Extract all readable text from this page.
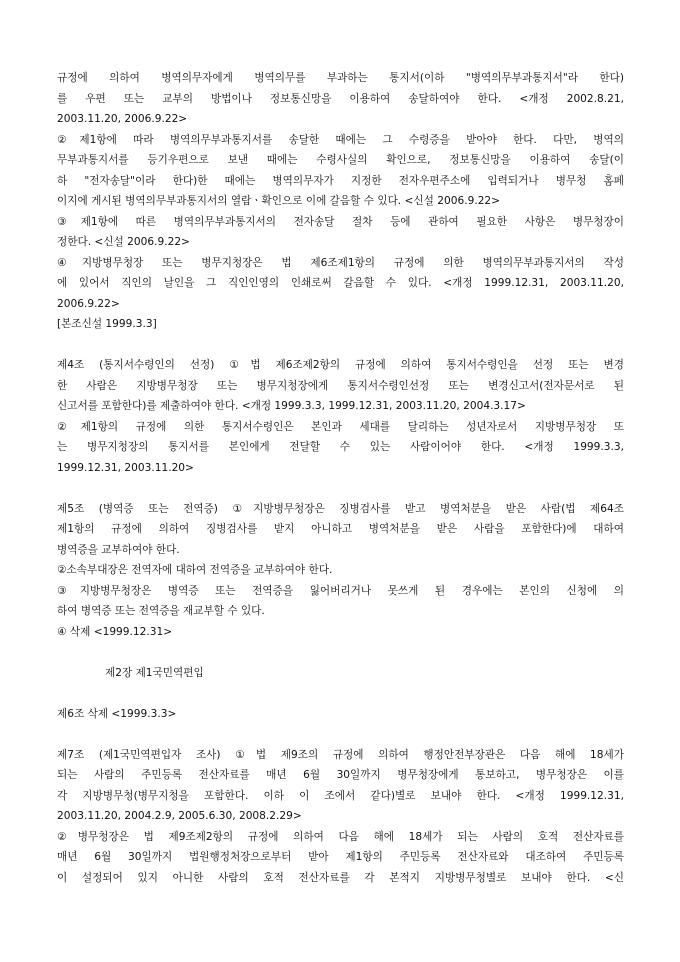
규정에 의하여 병역의무자에게 병역의무를 부과하는 통지서(이하 "병역의무부과통지서"라 한다)
를 우편 또는 교부의 방법이나 정보통신망을 이용하여 송달하여야 한다. <개정 2002.8.21,
2003.11.20, 2006.9.22>
②제1항에 따라 병역의무부과통지서를 송달한 때에는 그 수령증을 받아야 한다. 다만, 병역의
무부과통지서를 등기우편으로 보낸 때에는 수령사실의 확인으로, 정보통신망을 이용하여 송달(이
하 "전자송달"이라 한다)한 때에는 병역의무자가 지정한 전자우편주소에 입력되거나 병무청 홈페
이지에 게시된 병역의무부과통지서의 열람ㆍ확인으로 이에 갈음할 수 있다. <신설 2006.9.22>
③제1항에 따른 병역의무부과통지서의 전자송달 절차 등에 관하여 필요한 사항은 병무청장이
정한다. <신설 2006.9.22>
④지방병무청장 또는 병무지청장은 법 제6조제1항의 규정에 의한 병역의무부과통지서의 작성
에 있어서 직인의 날인을 그 직인인영의 인쇄로써 갈음할 수 있다. <개정 1999.12.31, 2003.11.20,
2006.9.22>
[본조신설 1999.3.3]
제4조 (통지서수령인의 선정) ①법 제6조제2항의 규정에 의하여 통지서수령인을 선정 또는 변경
한 사람은 지방병무청장 또는 병무지청장에게 통지서수령인선정 또는 변경신고서(전자문서로 된
신고서를 포함한다)를 제출하여야 한다. <개정 1999.3.3, 1999.12.31, 2003.11.20, 2004.3.17>
②제1항의 규정에 의한 통지서수령인은 본인과 세대를 달리하는 성년자로서 지방병무청장 또
는 병무지청장의 통지서를 본인에게 전달할 수 있는 사람이어야 한다. <개정 1999.3.3,
1999.12.31, 2003.11.20>
제5조 (병역증 또는 전역증) ①지방병무청장은 징병검사를 받고 병역처분을 받은 사람(법 제64조
제1항의 규정에 의하여 징병검사를 받지 아니하고 병역처분을 받은 사람을 포함한다)에 대하여
병역증을 교부하여야 한다.
②소속부대장은 전역자에 대하여 전역증을 교부하여야 한다.
③지방병무청장은 병역증 또는 전역증을 잃어버리거나 못쓰게 된 경우에는 본인의 신청에 의
하여 병역증 또는 전역증을 재교부할 수 있다.
④ 삭제 <1999.12.31>
제2장 제1국민역편입
제6조 삭제 <1999.3.3>
제7조 (제1국민역편입자 조사) ①법 제9조의 규정에 의하여 행정안전부장관은 다음 해에 18세가
되는 사람의 주민등록 전산자료를 매년 6월 30일까지 병무청장에게 통보하고, 병무청장은 이를
각 지방병무청(병무지청을 포함한다. 이하 이 조에서 같다)별로 보내야 한다. <개정 1999.12.31,
2003.11.20, 2004.2.9, 2005.6.30, 2008.2.29>
②병무청장은 법 제9조제2항의 규정에 의하여 다음 해에 18세가 되는 사람의 호적 전산자료를
매년 6월 30일까지 법원행정처장으로부터 받아 제1항의 주민등록 전산자료와 대조하여 주민등록
이 설정되어 있지 아니한 사람의 호적 전산자료를 각 본적지 지방병무청별로 보내야 한다. <신
